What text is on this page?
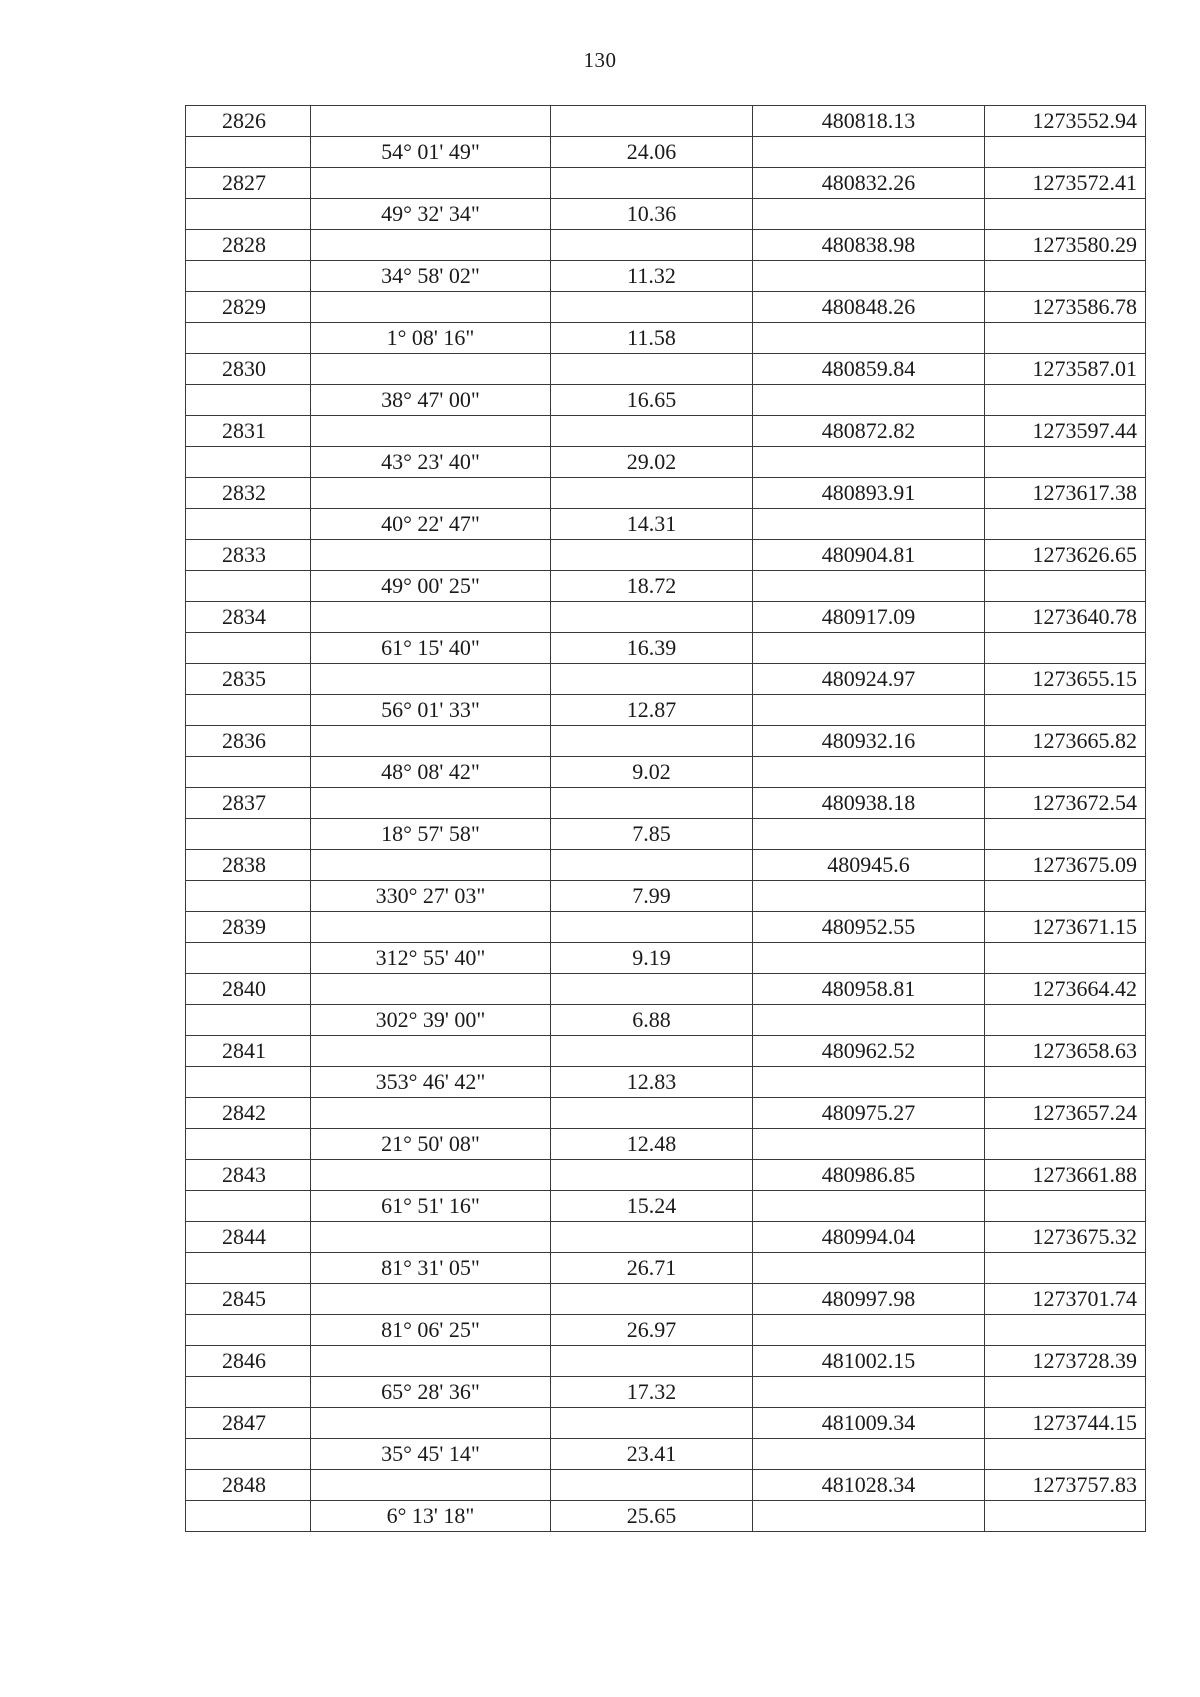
130
2826			480818.13	1273552.94
	54° 01' 49"	24.06		
2827			480832.26	1273572.41
	49° 32' 34"	10.36		
2828			480838.98	1273580.29
	34° 58' 02"	11.32		
2829			480848.26	1273586.78
	1° 08' 16"	11.58		
2830			480859.84	1273587.01
	38° 47' 00"	16.65		
2831			480872.82	1273597.44
	43° 23' 40"	29.02		
2832			480893.91	1273617.38
	40° 22' 47"	14.31		
2833			480904.81	1273626.65
	49° 00' 25"	18.72		
2834			480917.09	1273640.78
	61° 15' 40"	16.39		
2835			480924.97	1273655.15
	56° 01' 33"	12.87		
2836			480932.16	1273665.82
	48° 08' 42"	9.02		
2837			480938.18	1273672.54
	18° 57' 58"	7.85		
2838			480945.6	1273675.09
	330° 27' 03"	7.99		
2839			480952.55	1273671.15
	312° 55' 40"	9.19		
2840			480958.81	1273664.42
	302° 39' 00"	6.88		
2841			480962.52	1273658.63
	353° 46' 42"	12.83		
2842			480975.27	1273657.24
	21° 50' 08"	12.48		
2843			480986.85	1273661.88
	61° 51' 16"	15.24		
2844			480994.04	1273675.32
	81° 31' 05"	26.71		
2845			480997.98	1273701.74
	81° 06' 25"	26.97		
2846			481002.15	1273728.39
	65° 28' 36"	17.32		
2847			481009.34	1273744.15
	35° 45' 14"	23.41		
2848			481028.34	1273757.83
	6° 13' 18"	25.65		
